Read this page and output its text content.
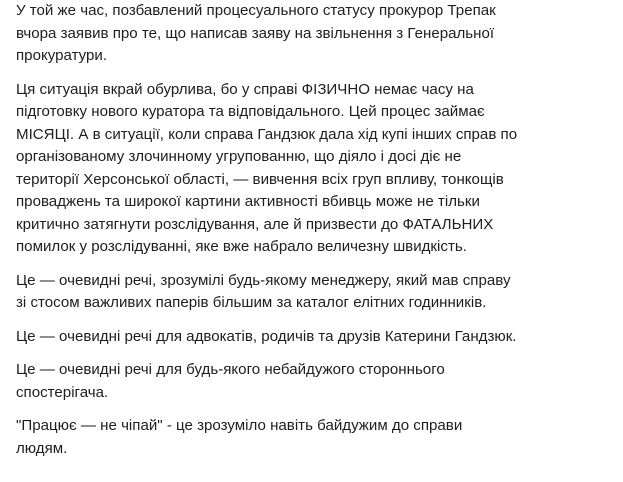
У той же час, позбавлений процесуального статусу прокурор Трепак
вчора заявив про те, що написав заяву на звільнення з Генеральної
прокуратури.

Ця ситуація вкрай обурлива, бо у справі ФІЗИЧНО немає часу на
підготовку нового куратора та відповідального. Цей процес займає
МІСЯЦІ. А в ситуації, коли справа Гандзюк дала хід купі інших справ по
організованому злочинному угрупованню, що діяло і досі діє не
території Херсонської області, — вивчення всіх груп впливу, тонкощів
проваджень та широкої картини активності вбивць може не тільки
критично затягнути розслідування, але й призвести до ФАТАЛЬНИХ
помилок у розслідуванні, яке вже набрало величезну швидкість.

Це — очевидні речі, зрозумілі будь-якому менеджеру, який мав справу
зі стосом важливих паперів більшим за каталог елітних годинників.

Це — очевидні речі для адвокатів, родичів та друзів Катерини Гандзюк.

Це — очевидні речі для будь-якого небайдужого стороннього
спостерігача.

"Працює — не чіпай" - це зрозуміло навіть байдужим до справи
людям.
